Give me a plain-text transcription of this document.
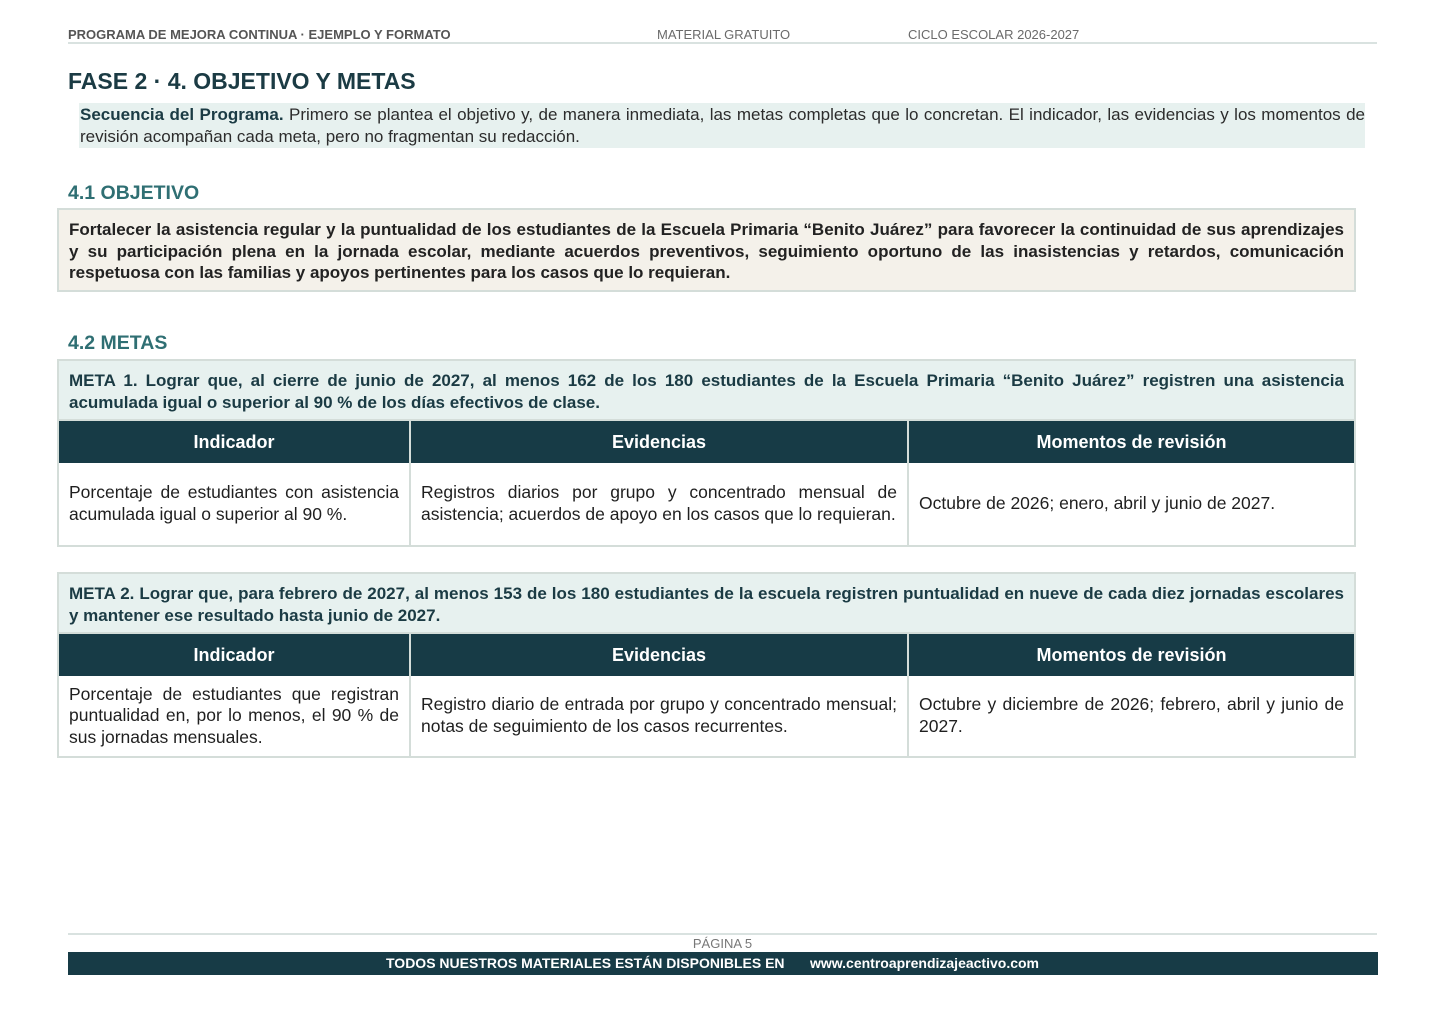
PROGRAMA DE MEJORA CONTINUA · EJEMPLO Y FORMATO	MATERIAL GRATUITO	CICLO ESCOLAR 2026-2027
FASE 2 · 4. OBJETIVO Y METAS
Secuencia del Programa. Primero se plantea el objetivo y, de manera inmediata, las metas completas que lo concretan. El indicador, las evidencias y los momentos de revisión acompañan cada meta, pero no fragmentan su redacción.
4.1 OBJETIVO
Fortalecer la asistencia regular y la puntualidad de los estudiantes de la Escuela Primaria “Benito Juárez” para favorecer la continuidad de sus aprendizajes y su participación plena en la jornada escolar, mediante acuerdos preventivos, seguimiento oportuno de las inasistencias y retardos, comunicación respetuosa con las familias y apoyos pertinentes para los casos que lo requieran.
4.2 METAS
META 1. Lograr que, al cierre de junio de 2027, al menos 162 de los 180 estudiantes de la Escuela Primaria “Benito Juárez” registren una asistencia acumulada igual o superior al 90 % de los días efectivos de clase.
Indicador	Evidencias	Momentos de revisión
Porcentaje de estudiantes con asistencia acumulada igual o superior al 90 %.	Registros diarios por grupo y concentrado mensual de asistencia; acuerdos de apoyo en los casos que lo requieran.	Octubre de 2026; enero, abril y junio de 2027.
META 2. Lograr que, para febrero de 2027, al menos 153 de los 180 estudiantes de la escuela registren puntualidad en nueve de cada diez jornadas escolares y mantener ese resultado hasta junio de 2027.
Indicador	Evidencias	Momentos de revisión
Porcentaje de estudiantes que registran puntualidad en, por lo menos, el 90 % de sus jornadas mensuales.	Registro diario de entrada por grupo y concentrado mensual; notas de seguimiento de los casos recurrentes.	Octubre y diciembre de 2026; febrero, abril y junio de 2027.
PÁGINA 5
TODOS NUESTROS MATERIALES ESTÁN DISPONIBLES EN www.centroaprendizajeactivo.com
